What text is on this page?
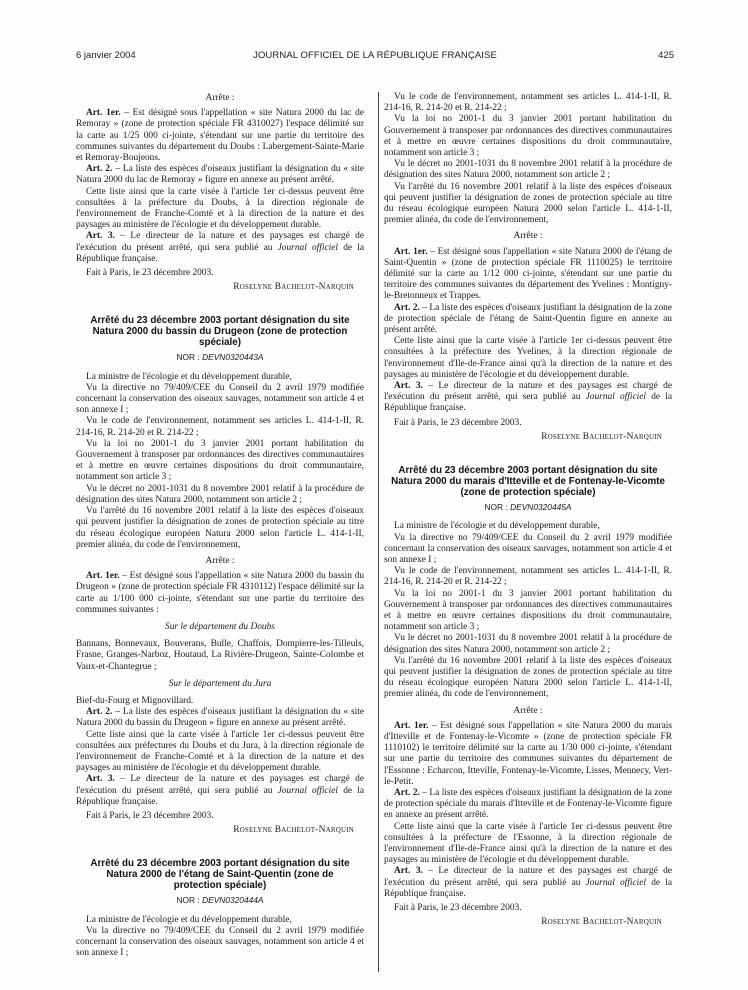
6 janvier 2004	JOURNAL OFFICIEL DE LA RÉPUBLIQUE FRANÇAISE	425

Arrête :

Art. 1er. – Est désigné sous l'appellation « site Natura 2000 du lac de Remoray » (zone de protection spéciale FR 4310027) l'espace délimité sur la carte au 1/25 000 ci-jointe, s'étendant sur une partie du territoire des communes suivantes du département du Doubs : Labergement-Sainte-Marie et Remoray-Boujeons.

Art. 2. – La liste des espèces d'oiseaux justifiant la désignation du « site Natura 2000 du lac de Remoray » figure en annexe au présent arrêté.

Cette liste ainsi que la carte visée à l'article 1er ci-dessus peuvent être consultées à la préfecture du Doubs, à la direction régionale de l'environnement de Franche-Comté et à la direction de la nature et des paysages au ministère de l'écologie et du développement durable.

Art. 3. – Le directeur de la nature et des paysages est chargé de l'exécution du présent arrêté, qui sera publié au Journal officiel de la République française.

Fait à Paris, le 23 décembre 2003.

Roselyne Bachelot-Narquin

Arrêté du 23 décembre 2003 portant désignation du site Natura 2000 du bassin du Drugeon (zone de protection spéciale)
NOR : DEVN0320443A

La ministre de l'écologie et du développement durable,

Vu la directive no 79/409/CEE du Conseil du 2 avril 1979 modifiée concernant la conservation des oiseaux sauvages, notamment son article 4 et son annexe I ;

Vu le code de l'environnement, notamment ses articles L. 414-1-II, R. 214-16, R. 214-20 et R. 214-22 ;

Vu la loi no 2001-1 du 3 janvier 2001 portant habilitation du Gouvernement à transposer par ordonnances des directives communautaires et à mettre en œuvre certaines dispositions du droit communautaire, notamment son article 3 ;

Vu le décret no 2001-1031 du 8 novembre 2001 relatif à la procédure de désignation des sites Natura 2000, notamment son article 2 ;

Vu l'arrêté du 16 novembre 2001 relatif à la liste des espèces d'oiseaux qui peuvent justifier la désignation de zones de protection spéciale au titre du réseau écologique européen Natura 2000 selon l'article L. 414-1-II, premier alinéa, du code de l'environnement,

Arrête :

Art. 1er. – Est désigné sous l'appellation « site Natura 2000 du bassin du Drugeon » (zone de protection spéciale FR 4310112) l'espace délimité sur la carte au 1/100 000 ci-jointe, s'étendant sur une partie du territoire des communes suivantes :

Sur le département du Doubs

Bannans, Bonnevaux, Bouverans, Bulle, Chaffois, Dompierre-les-Tilleuls, Frasne, Granges-Narboz, Houtaud, La Rivière-Drugeon, Sainte-Colombe et Vaux-et-Chantegrue ;

Sur le département du Jura

Bief-du-Fourg et Mignovillard.

Art. 2. – La liste des espèces d'oiseaux justifiant la désignation du « site Natura 2000 du bassin du Drugeon » figure en annexe au présent arrêté.

Cette liste ainsi que la carte visée à l'article 1er ci-dessus peuvent être consultées aux préfectures du Doubs et du Jura, à la direction régionale de l'environnement de Franche-Comté et à la direction de la nature et des paysages au ministère de l'écologie et du développement durable.

Art. 3. – Le directeur de la nature et des paysages est chargé de l'exécution du présent arrêté, qui sera publié au Journal officiel de la République française.

Fait à Paris, le 23 décembre 2003.

Roselyne Bachelot-Narquin

Arrêté du 23 décembre 2003 portant désignation du site Natura 2000 de l'étang de Saint-Quentin (zone de protection spéciale)
NOR : DEVN0320444A

La ministre de l'écologie et du développement durable,

Vu la directive no 79/409/CEE du Conseil du 2 avril 1979 modifiée concernant la conservation des oiseaux sauvages, notamment son article 4 et son annexe I ;

Vu le code de l'environnement, notamment ses articles L. 414-1-II, R. 214-16, R. 214-20 et R. 214-22 ;

Vu la loi no 2001-1 du 3 janvier 2001 portant habilitation du Gouvernement à transposer par ordonnances des directives communautaires et à mettre en œuvre certaines dispositions du droit communautaire, notamment son article 3 ;

Vu le décret no 2001-1031 du 8 novembre 2001 relatif à la procédure de désignation des sites Natura 2000, notamment son article 2 ;

Vu l'arrêté du 16 novembre 2001 relatif à la liste des espèces d'oiseaux qui peuvent justifier la désignation de zones de protection spéciale au titre du réseau écologique européen Natura 2000 selon l'article L. 414-1-II, premier alinéa, du code de l'environnement,

Arrête :

Art. 1er. – Est désigné sous l'appellation « site Natura 2000 de l'étang de Saint-Quentin » (zone de protection spéciale FR 1110025) le territoire délimité sur la carte au 1/12 000 ci-jointe, s'étendant sur une partie du territoire des communes suivantes du département des Yvelines : Montigny-le-Bretonneux et Trappes.

Art. 2. – La liste des espèces d'oiseaux justifiant la désignation de la zone de protection spéciale de l'étang de Saint-Quentin figure en annexe au présent arrêté.

Cette liste ainsi que la carte visée à l'article 1er ci-dessus peuvent être consultées à la préfecture des Yvelines, à la direction régionale de l'environnement d'Ile-de-France ainsi qu'à la direction de la nature et des paysages au ministère de l'écologie et du développement durable.

Art. 3. – Le directeur de la nature et des paysages est chargé de l'exécution du présent arrêté, qui sera publié au Journal officiel de la République française.

Fait à Paris, le 23 décembre 2003.

Roselyne Bachelot-Narquin

Arrêté du 23 décembre 2003 portant désignation du site Natura 2000 du marais d'Itteville et de Fontenay-le-Vicomte (zone de protection spéciale)
NOR : DEVN0320445A

La ministre de l'écologie et du développement durable,

Vu la directive no 79/409/CEE du Conseil du 2 avril 1979 modifiée concernant la conservation des oiseaux sauvages, notamment son article 4 et son annexe I ;

Vu le code de l'environnement, notamment ses articles L. 414-1-II, R. 214-16, R. 214-20 et R. 214-22 ;

Vu la loi no 2001-1 du 3 janvier 2001 portant habilitation du Gouvernement à transposer par ordonnances des directives communautaires et à mettre en œuvre certaines dispositions du droit communautaire, notamment son article 3 ;

Vu le décret no 2001-1031 du 8 novembre 2001 relatif à la procédure de désignation des sites Natura 2000, notamment son article 2 ;

Vu l'arrêté du 16 novembre 2001 relatif à la liste des espèces d'oiseaux qui peuvent justifier la désignation de zones de protection spéciale au titre du réseau écologique européen Natura 2000 selon l'article L. 414-1-II, premier alinéa, du code de l'environnement,

Arrête :

Art. 1er. – Est désigné sous l'appellation « site Natura 2000 du marais d'Itteville et de Fontenay-le-Vicomte » (zone de protection spéciale FR 1110102) le territoire délimité sur la carte au 1/30 000 ci-jointe, s'étendant sur une partie du territoire des communes suivantes du département de l'Essonne : Echarcon, Itteville, Fontenay-le-Vicomte, Lisses, Mennecy, Vert-le-Petit.

Art. 2. – La liste des espèces d'oiseaux justifiant la désignation de la zone de protection spéciale du marais d'Itteville et de Fontenay-le-Vicomte figure en annexe au présent arrêté.

Cette liste ainsi que la carte visée à l'article 1er ci-dessus peuvent être consultées à la préfecture de l'Essonne, à la direction régionale de l'environnement d'Ile-de-France ainsi qu'à la direction de la nature et des paysages au ministère de l'écologie et du développement durable.

Art. 3. – Le directeur de la nature et des paysages est chargé de l'exécution du présent arrêté, qui sera publié au Journal officiel de la République française.

Fait à Paris, le 23 décembre 2003.

Roselyne Bachelot-Narquin
